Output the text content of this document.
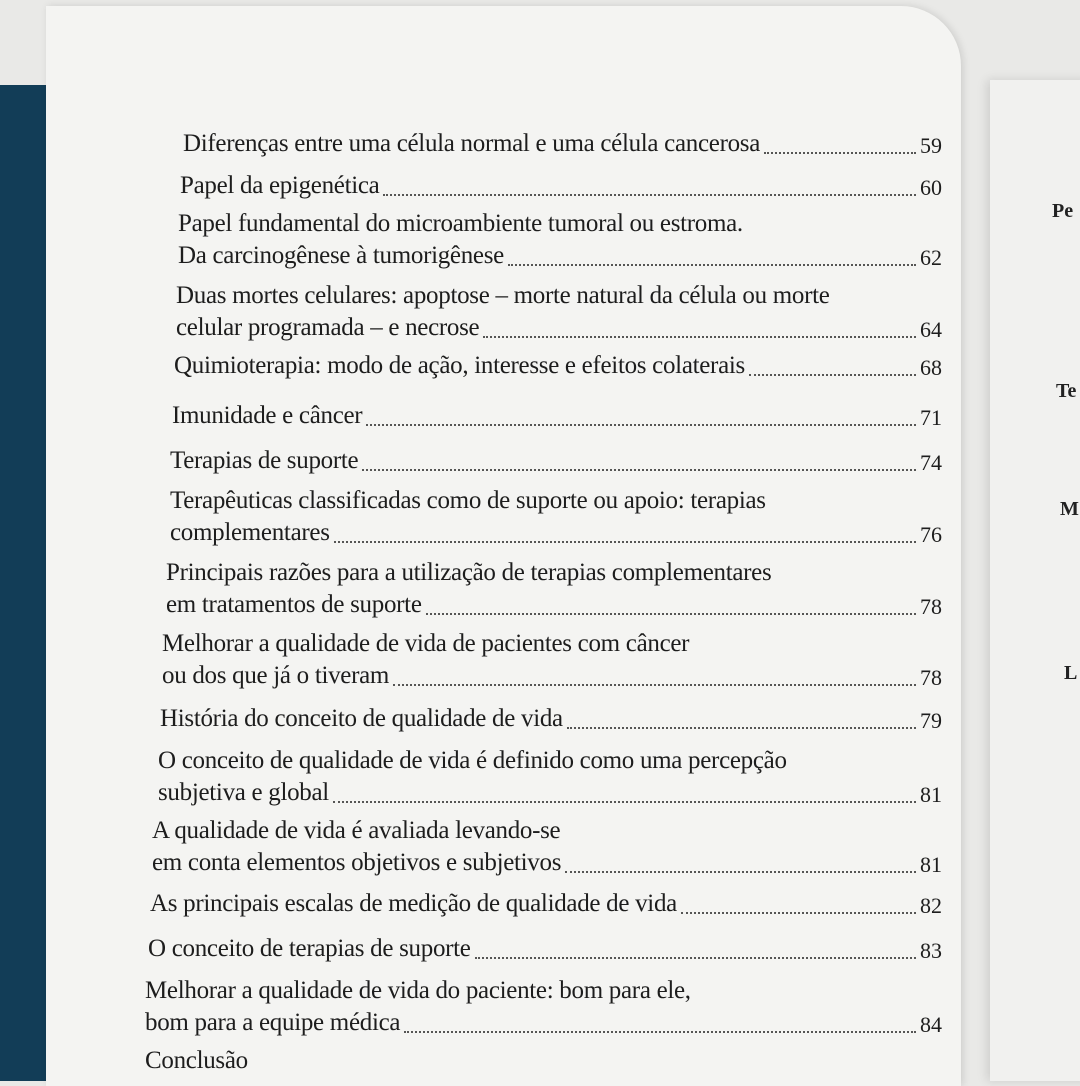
Pe
Te
M
L
Diferenças entre uma célula normal e uma célula cancerosa	59
Papel da epigenética	60
Papel fundamental do microambiente tumoral ou estroma.
Da carcinogênese à tumorigênese	62
Duas mortes celulares: apoptose – morte natural da célula ou morte
celular programada – e necrose	64
Quimioterapia: modo de ação, interesse e efeitos colaterais	68
Imunidade e câncer	71
Terapias de suporte	74
Terapêuticas classificadas como de suporte ou apoio: terapias
complementares	76
Principais razões para a utilização de terapias complementares
em tratamentos de suporte	78
Melhorar a qualidade de vida de pacientes com câncer
ou dos que já o tiveram	78
História do conceito de qualidade de vida	79
O conceito de qualidade de vida é definido como uma percepção
subjetiva e global	81
A qualidade de vida é avaliada levando-se
em conta elementos objetivos e subjetivos	81
As principais escalas de medição de qualidade de vida	82
O conceito de terapias de suporte	83
Melhorar a qualidade de vida do paciente: bom para ele,
bom para a equipe médica	84
Conclusão
